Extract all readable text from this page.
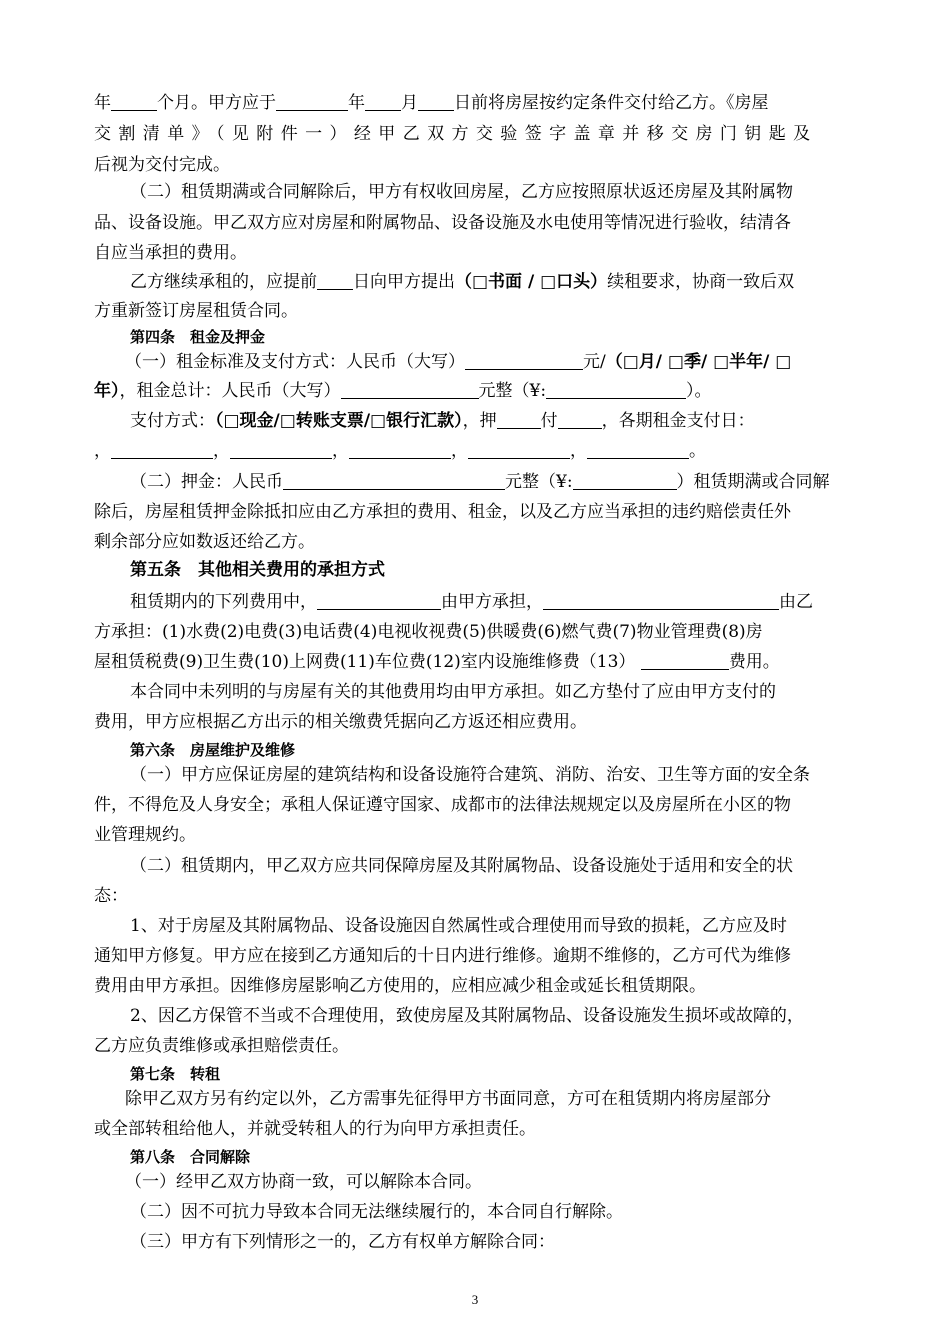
年	个月。甲方应于	年 月 日前将房屋按约定条件交付给乙方。《房屋
交割清单》（见附件一）经甲乙双方交验签字盖章并移交房门钥匙及
后视为交付完成。
（二）租赁期满或合同解除后，甲方有权收回房屋，乙方应按照原状返还房屋及其附属物
品、设备设施。甲乙双方应对房屋和附属物品、设备设施及水电使用等情况进行验收，结清各
自应当承担的费用。
乙方继续承租的，应提前 日向甲方提出（□书面 / □口头）续租要求，协商一致后双
方重新签订房屋租赁合同。
第四条　租金及押金
（一）租金标准及支付方式：人民币（大写）	元/（□月/ □季/ □半年/ □
年），租金总计：人民币（大写）	元整（¥:	）。
支付方式：（□现金/□转账支票/□银行汇款），押	付	，各期租金支付日：
，	，	，	，	，	。
（二）押金：人民币	元整（¥:	）租赁期满或合同解
除后，房屋租赁押金除抵扣应由乙方承担的费用、租金，以及乙方应当承担的违约赔偿责任外
剩余部分应如数返还给乙方。
第五条　其他相关费用的承担方式
租赁期内的下列费用中，	由甲方承担，	由乙
方承担：(1)水费(2)电费(3)电话费(4)电视收视费(5)供暖费(6)燃气费(7)物业管理费(8)房
屋租赁税费(9)卫生费(10)上网费(11)车位费(12)室内设施维修费（13）	费用。
本合同中未列明的与房屋有关的其他费用均由甲方承担。如乙方垫付了应由甲方支付的
费用，甲方应根据乙方出示的相关缴费凭据向乙方返还相应费用。
第六条　房屋维护及维修
（一）甲方应保证房屋的建筑结构和设备设施符合建筑、消防、治安、卫生等方面的安全条
件，不得危及人身安全；承租人保证遵守国家、成都市的法律法规规定以及房屋所在小区的物
业管理规约。
（二）租赁期内，甲乙双方应共同保障房屋及其附属物品、设备设施处于适用和安全的状
态：
1、对于房屋及其附属物品、设备设施因自然属性或合理使用而导致的损耗，乙方应及时
通知甲方修复。甲方应在接到乙方通知后的十日内进行维修。逾期不维修的，乙方可代为维修
费用由甲方承担。因维修房屋影响乙方使用的，应相应减少租金或延长租赁期限。
2、因乙方保管不当或不合理使用，致使房屋及其附属物品、设备设施发生损坏或故障的，
乙方应负责维修或承担赔偿责任。
第七条　转租
除甲乙双方另有约定以外，乙方需事先征得甲方书面同意，方可在租赁期内将房屋部分
或全部转租给他人，并就受转租人的行为向甲方承担责任。
第八条　合同解除
（一）经甲乙双方协商一致，可以解除本合同。
（二）因不可抗力导致本合同无法继续履行的，本合同自行解除。
（三）甲方有下列情形之一的，乙方有权单方解除合同：
3
